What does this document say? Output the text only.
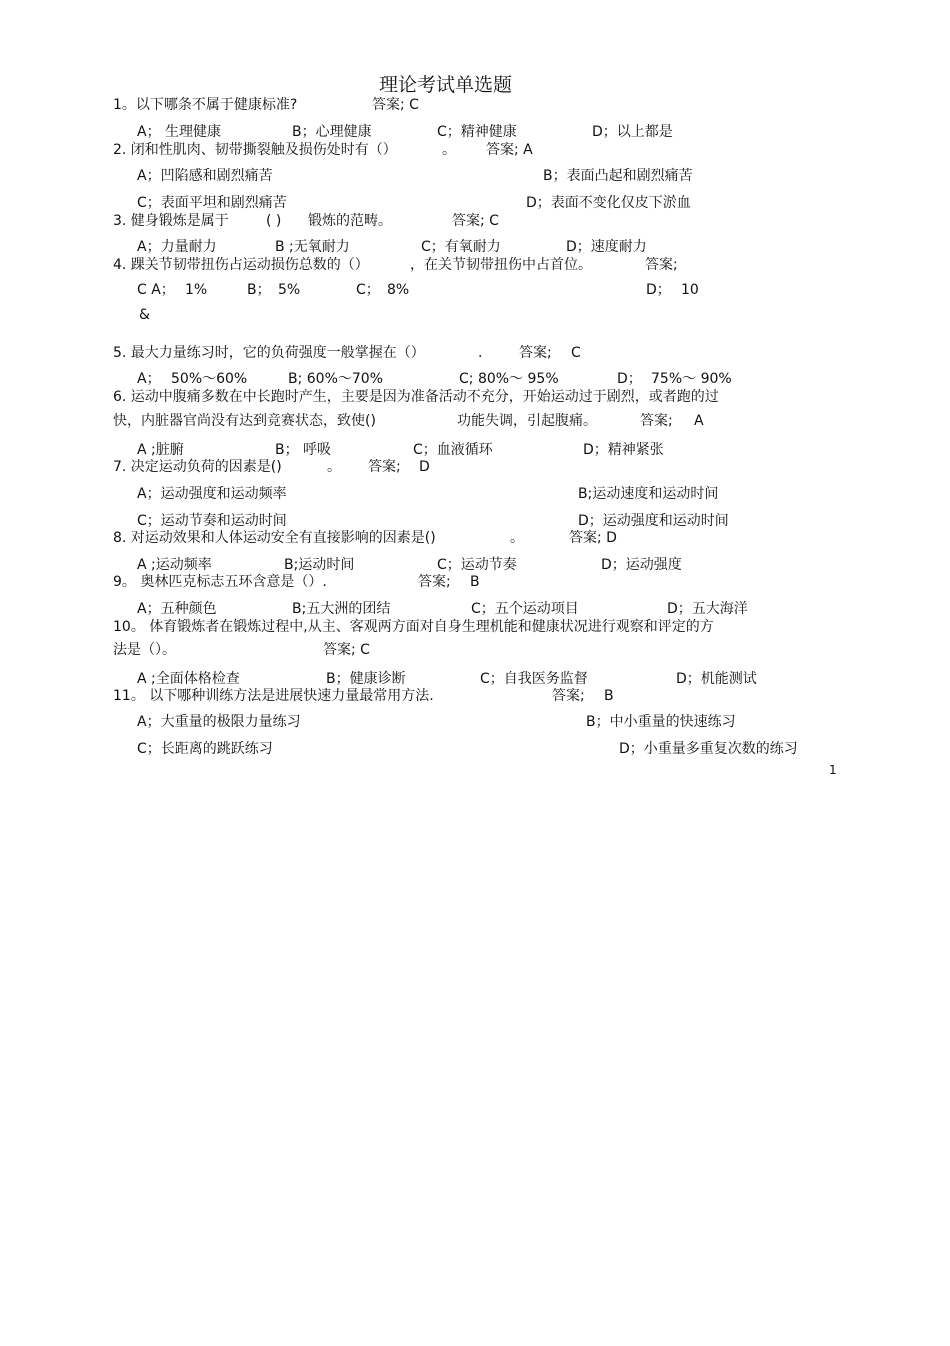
理论考试单选题
1。以下哪条不属于健康标准?	答案; C
A； 生理健康	B；心理健康	C；精神健康	D；以上都是
2. 闭和性肌肉、韧带撕裂触及损伤处时有（）	。 答案; A
A；凹陷感和剧烈痛苦	B；表面凸起和剧烈痛苦
C；表面平坦和剧烈痛苦	D；表面不变化仅皮下淤血
3. 健身锻炼是属于	( ) 锻炼的范畴。	答案; C
A；力量耐力	B ;无氧耐力	C；有氧耐力	D；速度耐力
4. 踝关节韧带扭伤占运动损伤总数的（）	，在关节韧带扭伤中占首位。	答案;
C A； 1%	B； 5%	C； 8%	D； 10
&
5. 最大力量练习时，它的负荷强度一般掌握在（）	.	答案; C
A； 50%～60%	B; 60%～70%	C; 80%～ 95%	D； 75%～ 90%
6. 运动中腹痛多数在中长跑时产生，主要是因为准备活动不充分，开始运动过于剧烈，或者跑的过
快，内脏器官尚没有达到竞赛状态，致使()	功能失调，引起腹痛。	答案; A
A ;脏腑	B； 呼吸	C；血液循环	D；精神紧张
7. 决定运动负荷的因素是()	。 答案; D
A；运动强度和运动频率	B;运动速度和运动时间
C；运动节奏和运动时间	D；运动强度和运动时间
8. 对运动效果和人体运动安全有直接影响的因素是()	。	答案; D
A ;运动频率	B;运动时间	C；运动节奏	D；运动强度
9。 奥林匹克标志五环含意是（）.	答案; B
A；五种颜色	B;五大洲的团结	C；五个运动项目	D；五大海洋
10。 体育锻炼者在锻炼过程中,从主、客观两方面对自身生理机能和健康状况进行观察和评定的方
法是（）。	答案; C
A ;全面体格检查	B；健康诊断	C；自我医务监督	D；机能测试
11。 以下哪种训练方法是进展快速力量最常用方法.	答案; B
A；大重量的极限力量练习	B；中小重量的快速练习
C；长距离的跳跃练习	D；小重量多重复次数的练习
1
